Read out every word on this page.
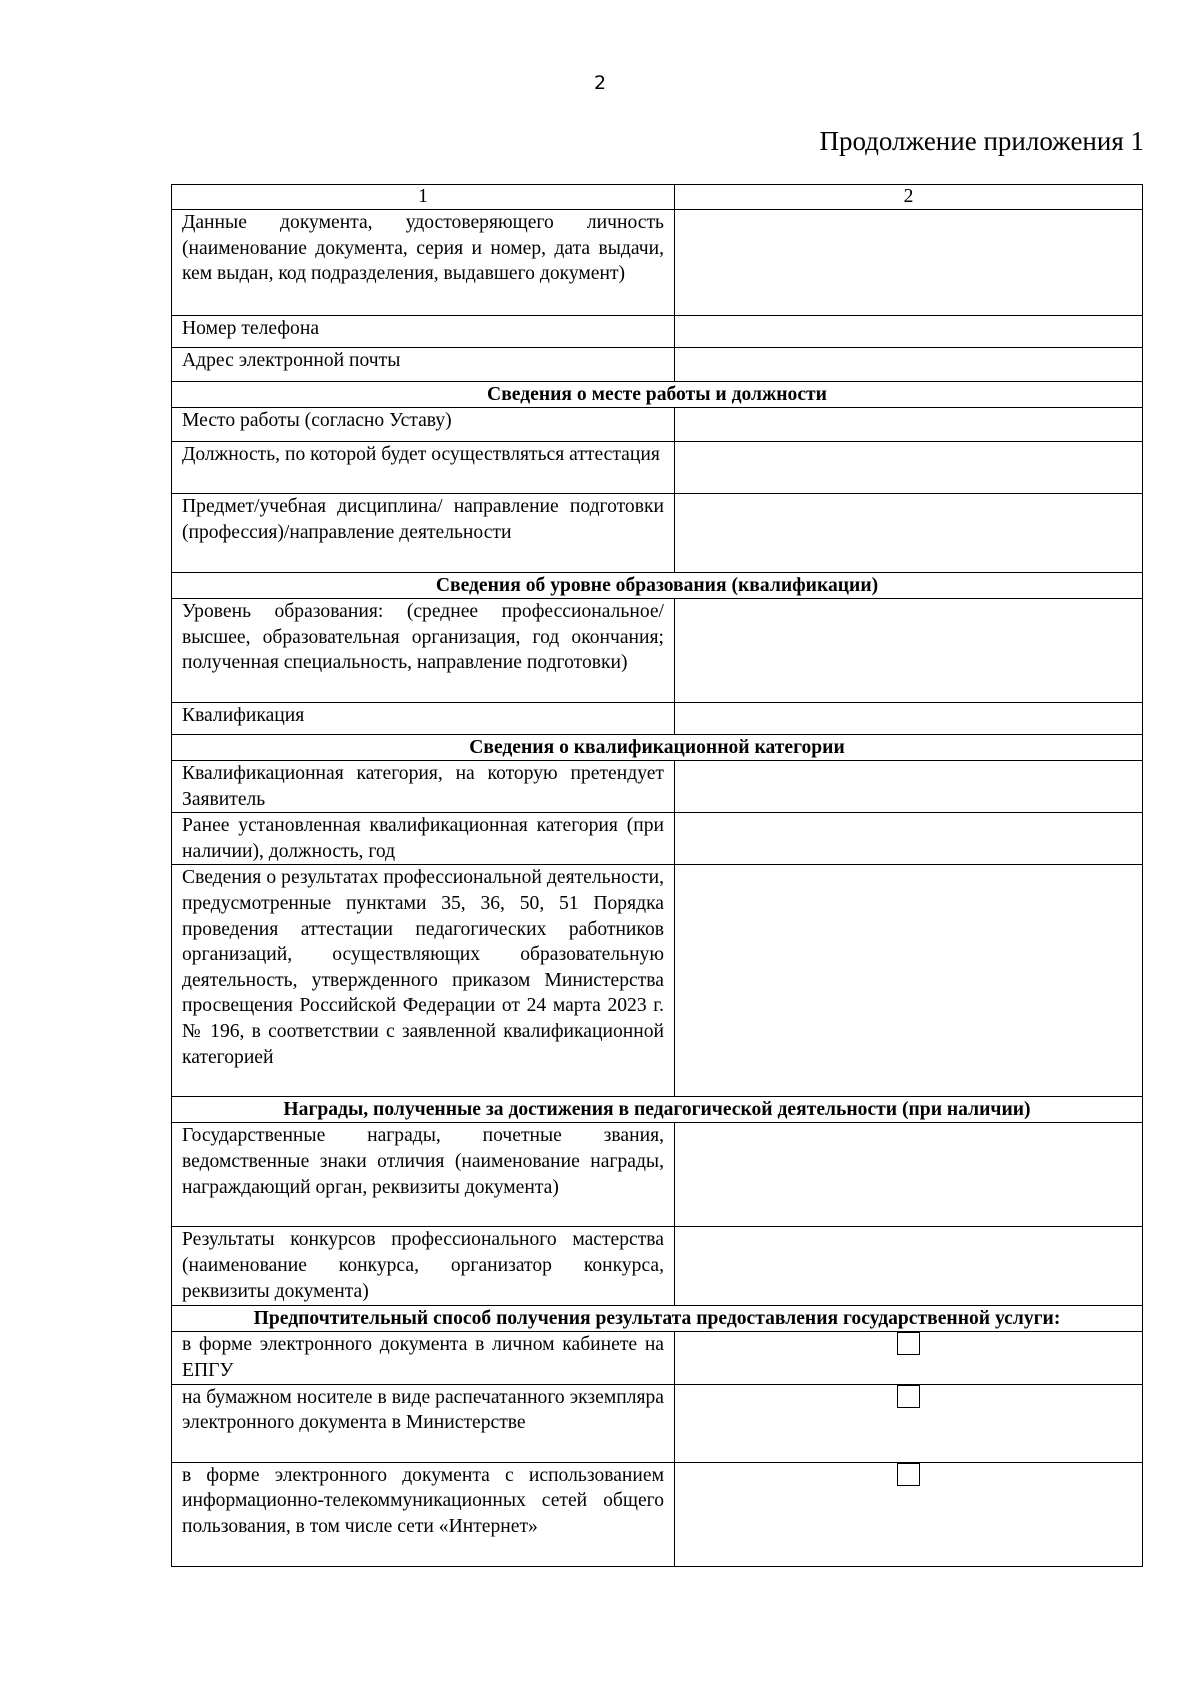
2
Продолжение приложения 1
1	2

Данные документа, удостоверяющего личность (наименование документа, серия и номер, дата выдачи, кем выдан, код подразделения, выдавшего документ)	

Номер телефона	

Адрес электронной почты	

Сведения о месте работы и должности	

Место работы (согласно Уставу)	

Должность, по которой будет осуществляться аттестация	

Предмет/учебная дисциплина/ направление подготовки (профессия)/направление деятельности	

Сведения об уровне образования (квалификации)	

Уровень образования: (среднее профессиональное/высшее, образовательная организация, год окончания; полученная специальность, направление подготовки)	

Квалификация	

Сведения о квалификационной категории	

Квалификационная категория, на которую претендует Заявитель	

Ранее установленная квалификационная категория (при наличии), должность, год	

Сведения о результатах профессиональной деятельности, предусмотренные пунктами 35, 36, 50, 51 Порядка проведения аттестации педагогических работников организаций, осуществляющих образовательную деятельность, утвержденного приказом Министерства просвещения Российской Федерации от 24 марта 2023 г. № 196, в соответствии с заявленной квалификационной категорией	

Награды, полученные за достижения в педагогической деятельности (при наличии)	

Государственные награды, почетные звания, ведомственные знаки отличия (наименование награды, награждающий орган, реквизиты документа)	

Результаты конкурсов профессионального мастерства (наименование конкурса, организатор конкурса, реквизиты документа)	

Предпочтительный способ получения результата предоставления государственной услуги:	

в форме электронного документа в личном кабинете на ЕПГУ	

на бумажном носителе в виде распечатанного экземпляра электронного документа в Министерстве	

в форме электронного документа с использованием информационно-телекоммуникационных сетей общего пользования, в том числе сети «Интернет»	
